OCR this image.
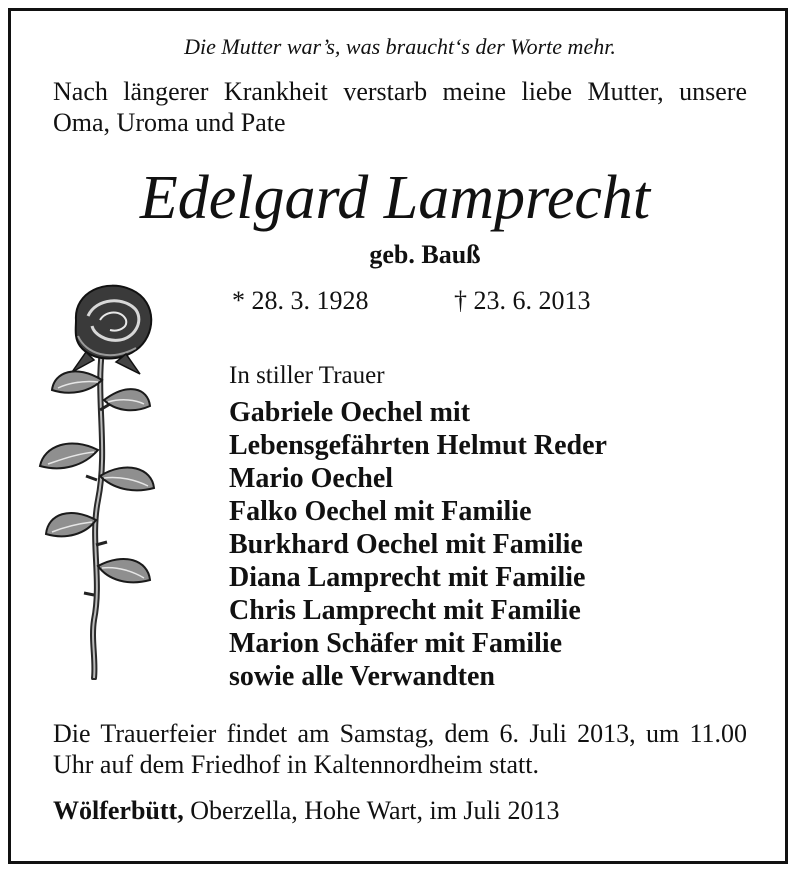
Die Mutter war’s, was braucht‘s der Worte mehr.
Nach längerer Krankheit verstarb meine liebe Mutter, unsere Oma, Uroma und Pate
Edelgard Lamprecht
geb. Bauß
* 28. 3. 1928	† 23. 6. 2013
In stiller Trauer
Gabriele Oechel mit
Lebensgefährten Helmut Reder
Mario Oechel
Falko Oechel mit Familie
Burkhard Oechel mit Familie
Diana Lamprecht mit Familie
Chris Lamprecht mit Familie
Marion Schäfer mit Familie
sowie alle Verwandten
Die Trauerfeier findet am Samstag, dem 6. Juli 2013, um 11.00 Uhr auf dem Friedhof in Kaltennordheim statt.
Wölferbütt, Oberzella, Hohe Wart, im Juli 2013
